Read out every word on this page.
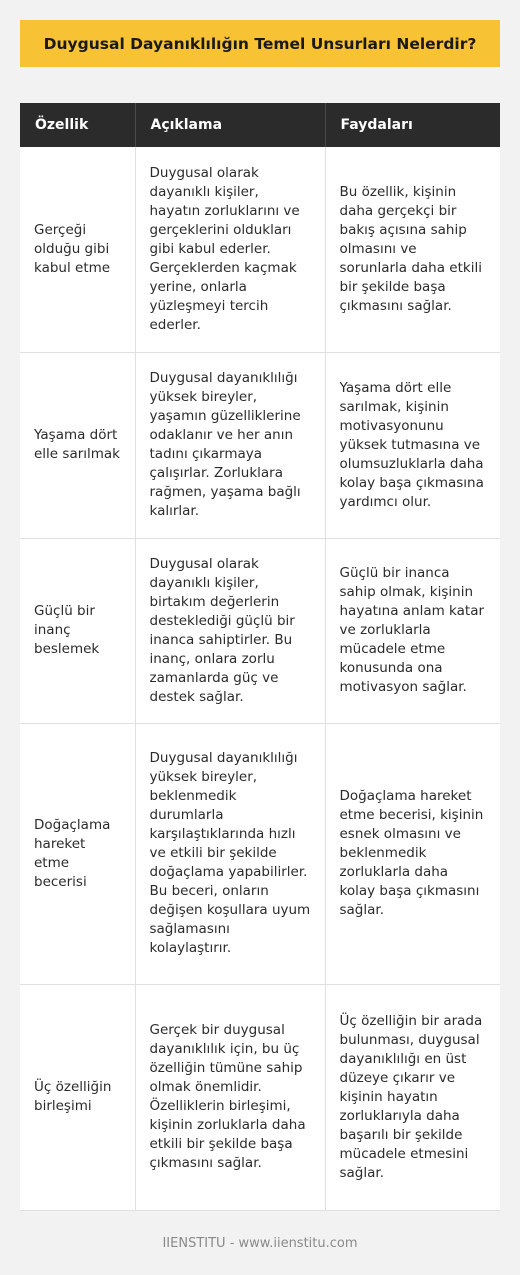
Duygusal Dayanıklılığın Temel Unsurları Nelerdir?
Özellik	Açıklama	Faydaları
Gerçeği olduğu gibi kabul etme	Duygusal olarak dayanıklı kişiler, hayatın zorluklarını ve gerçeklerini oldukları gibi kabul ederler. Gerçeklerden kaçmak yerine, onlarla yüzleşmeyi tercih ederler.	Bu özellik, kişinin daha gerçekçi bir bakış açısına sahip olmasını ve sorunlarla daha etkili bir şekilde başa çıkmasını sağlar.
Yaşama dört elle sarılmak	Duygusal dayanıklılığı yüksek bireyler, yaşamın güzelliklerine odaklanır ve her anın tadını çıkarmaya çalışırlar. Zorluklara rağmen, yaşama bağlı kalırlar.	Yaşama dört elle sarılmak, kişinin motivasyonunu yüksek tutmasına ve olumsuzluklarla daha kolay başa çıkmasına yardımcı olur.
Güçlü bir inanç beslemek	Duygusal olarak dayanıklı kişiler, birtakım değerlerin desteklediği güçlü bir inanca sahiptirler. Bu inanç, onlara zorlu zamanlarda güç ve destek sağlar.	Güçlü bir inanca sahip olmak, kişinin hayatına anlam katar ve zorluklarla mücadele etme konusunda ona motivasyon sağlar.
Doğaçlama hareket etme becerisi	Duygusal dayanıklılığı yüksek bireyler, beklenmedik durumlarla karşılaştıklarında hızlı ve etkili bir şekilde doğaçlama yapabilirler. Bu beceri, onların değişen koşullara uyum sağlamasını kolaylaştırır.	Doğaçlama hareket etme becerisi, kişinin esnek olmasını ve beklenmedik zorluklarla daha kolay başa çıkmasını sağlar.
Üç özelliğin birleşimi	Gerçek bir duygusal dayanıklılık için, bu üç özelliğin tümüne sahip olmak önemlidir. Özelliklerin birleşimi, kişinin zorluklarla daha etkili bir şekilde başa çıkmasını sağlar.	Üç özelliğin bir arada bulunması, duygusal dayanıklılığı en üst düzeye çıkarır ve kişinin hayatın zorluklarıyla daha başarılı bir şekilde mücadele etmesini sağlar.
IIENSTITU - www.iienstitu.com
